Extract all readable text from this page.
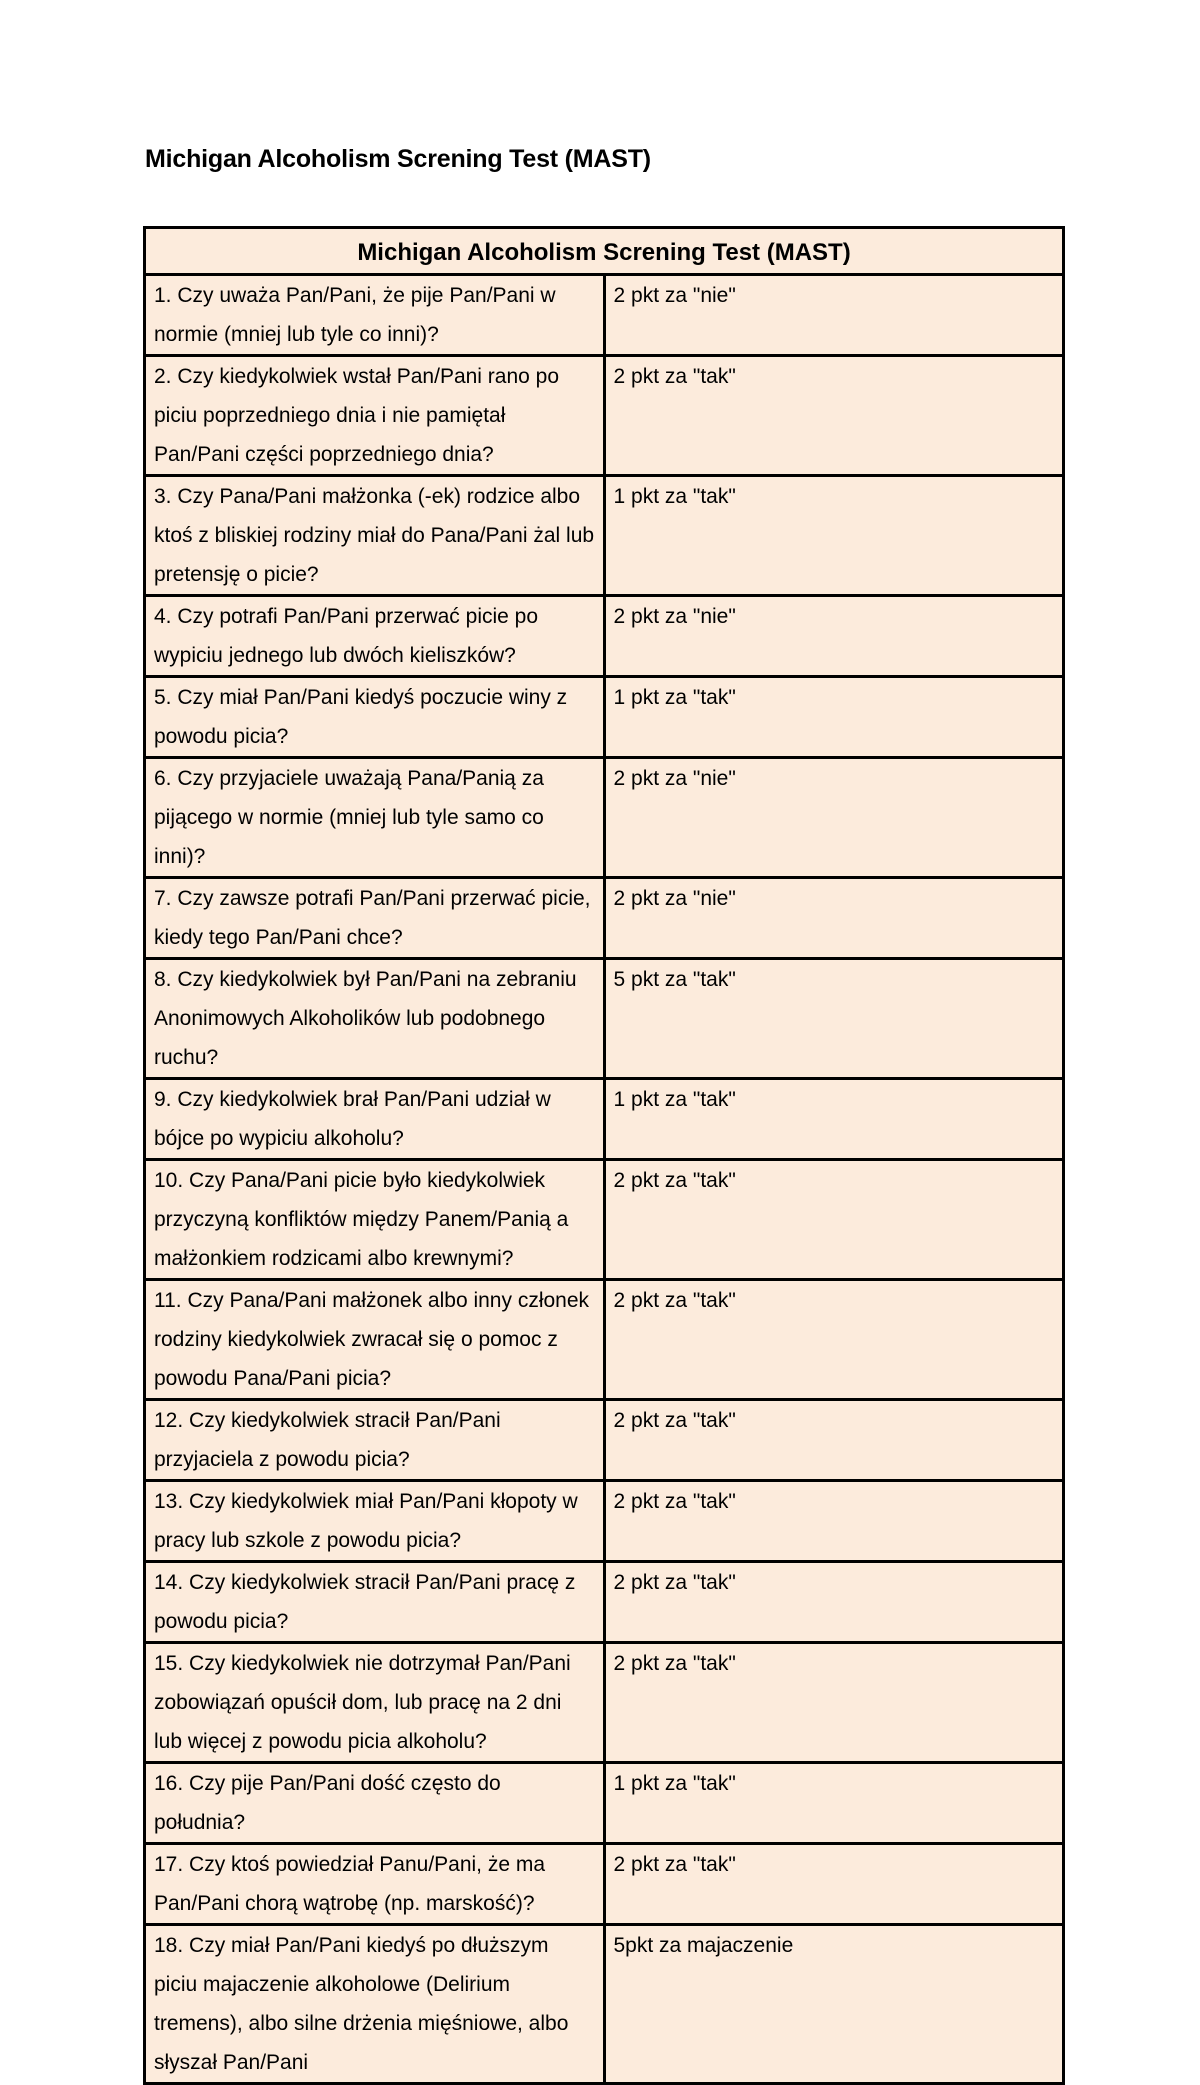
Michigan Alcoholism Screning Test (MAST)
Michigan Alcoholism Screning Test (MAST)	
1. Czy uważa Pan/Pani, że pije Pan/Pani w normie (mniej lub tyle co inni)?	2 pkt za "nie"
2. Czy kiedykolwiek wstał Pan/Pani rano po piciu poprzedniego dnia i nie pamiętał Pan/Pani części poprzedniego dnia?	2 pkt za "tak"
3. Czy Pana/Pani małżonka (-ek) rodzice albo ktoś z bliskiej rodziny miał do Pana/Pani żal lub pretensję o picie?	1 pkt za "tak"
4. Czy potrafi Pan/Pani przerwać picie po wypiciu jednego lub dwóch kieliszków?	2 pkt za "nie"
5. Czy miał Pan/Pani kiedyś poczucie winy z powodu picia?	1 pkt za "tak"
6. Czy przyjaciele uważają Pana/Panią za pijącego w normie (mniej lub tyle samo co inni)?	2 pkt za "nie"
7. Czy zawsze potrafi Pan/Pani przerwać picie, kiedy tego Pan/Pani chce?	2 pkt za "nie"
8. Czy kiedykolwiek był Pan/Pani na zebraniu Anonimowych Alkoholików lub podobnego ruchu?	5 pkt za "tak"
9. Czy kiedykolwiek brał Pan/Pani udział w bójce po wypiciu alkoholu?	1 pkt za "tak"
10. Czy Pana/Pani picie było kiedykolwiek przyczyną konfliktów między Panem/Panią a małżonkiem rodzicami albo krewnymi?	2 pkt za "tak"
11. Czy Pana/Pani małżonek albo inny członek rodziny kiedykolwiek zwracał się o pomoc z powodu Pana/Pani picia?	2 pkt za "tak"
12. Czy kiedykolwiek stracił Pan/Pani przyjaciela z powodu picia?	2 pkt za "tak"
13. Czy kiedykolwiek miał Pan/Pani kłopoty w pracy lub szkole z powodu picia?	2 pkt za "tak"
14. Czy kiedykolwiek stracił Pan/Pani pracę z powodu picia?	2 pkt za "tak"
15. Czy kiedykolwiek nie dotrzymał Pan/Pani zobowiązań opuścił dom, lub pracę na 2 dni lub więcej z powodu picia alkoholu?	2 pkt za "tak"
16. Czy pije Pan/Pani dość często do południa?	1 pkt za "tak"
17. Czy ktoś powiedział Panu/Pani, że ma Pan/Pani chorą wątrobę (np. marskość)?	2 pkt za "tak"
18. Czy miał Pan/Pani kiedyś po dłuższym piciu majaczenie alkoholowe (Delirium tremens), albo silne drżenia mięśniowe, albo słyszał Pan/Pani	5pkt za majaczenie
